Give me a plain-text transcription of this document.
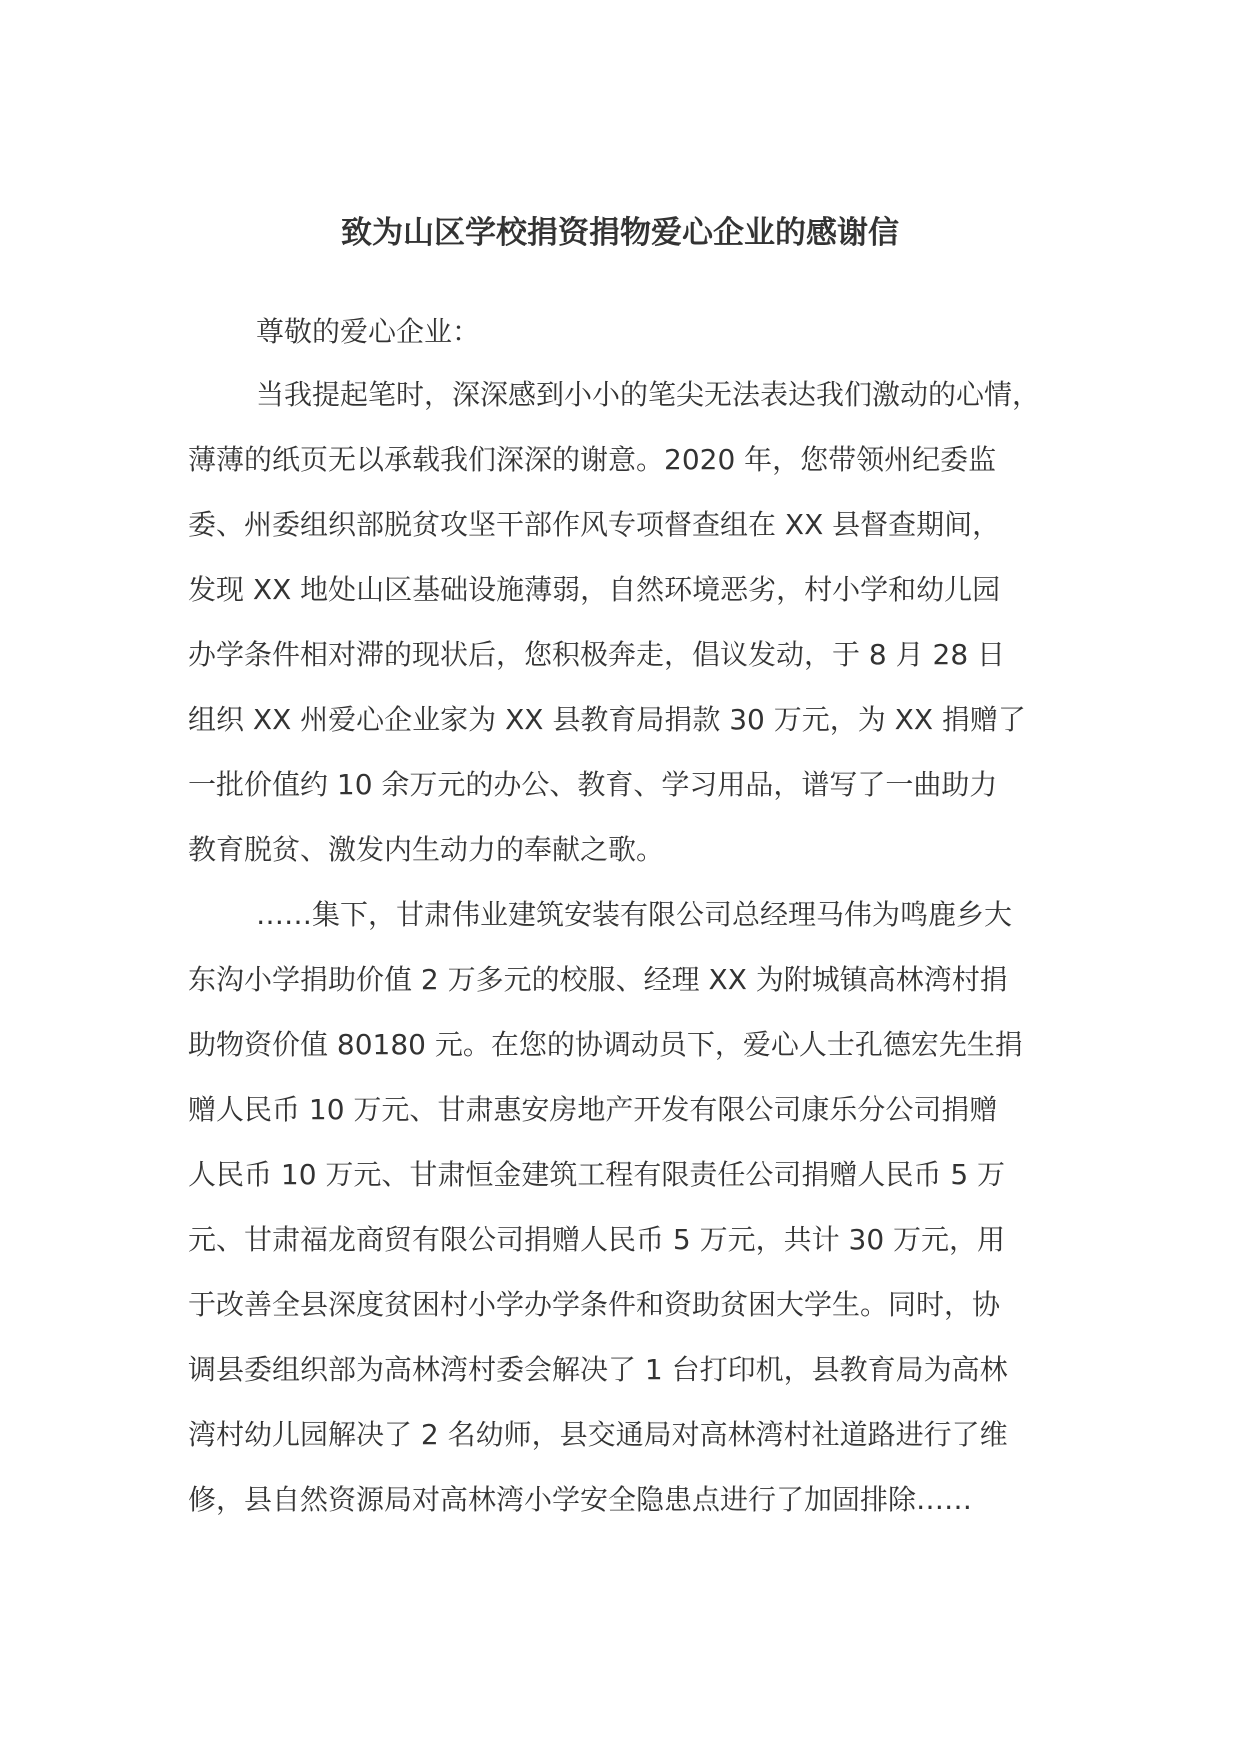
致为山区学校捐资捐物爱心企业的感谢信
尊敬的爱心企业：
当我提起笔时，深深感到小小的笔尖无法表达我们激动的心情，
薄薄的纸页无以承载我们深深的谢意。2020 年，您带领州纪委监
委、州委组织部脱贫攻坚干部作风专项督查组在 XX 县督查期间，
发现 XX 地处山区基础设施薄弱，自然环境恶劣，村小学和幼儿园
办学条件相对滞的现状后，您积极奔走，倡议发动，于 8 月 28 日
组织 XX 州爱心企业家为 XX 县教育局捐款 30 万元，为 XX 捐赠了
一批价值约 10 余万元的办公、教育、学习用品，谱写了一曲助力
教育脱贫、激发内生动力的奉献之歌。
……集下，甘肃伟业建筑安装有限公司总经理马伟为鸣鹿乡大
东沟小学捐助价值 2 万多元的校服、经理 XX 为附城镇高林湾村捐
助物资价值 80180 元。在您的协调动员下，爱心人士孔德宏先生捐
赠人民币 10 万元、甘肃惠安房地产开发有限公司康乐分公司捐赠
人民币 10 万元、甘肃恒金建筑工程有限责任公司捐赠人民币 5 万
元、甘肃福龙商贸有限公司捐赠人民币 5 万元，共计 30 万元，用
于改善全县深度贫困村小学办学条件和资助贫困大学生。同时，协
调县委组织部为高林湾村委会解决了 1 台打印机，县教育局为高林
湾村幼儿园解决了 2 名幼师，县交通局对高林湾村社道路进行了维
修，县自然资源局对高林湾小学安全隐患点进行了加固排除……
